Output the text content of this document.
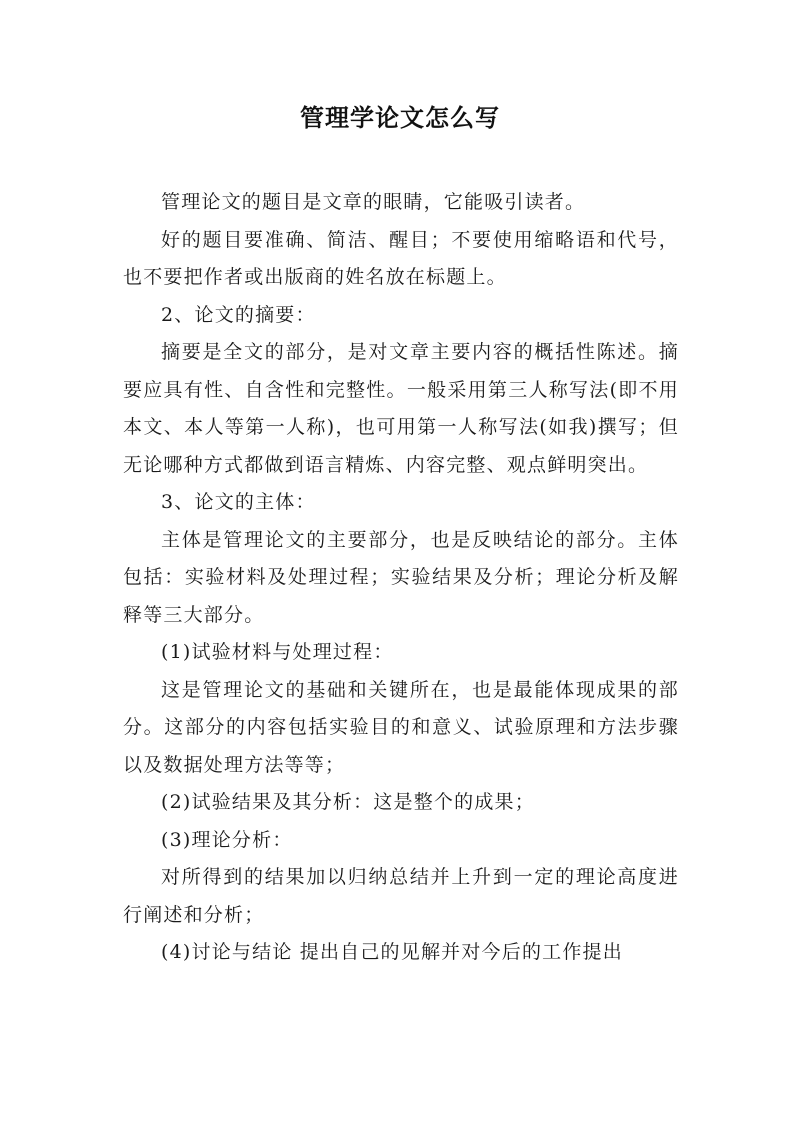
管理学论文怎么写

管理论文的题目是文章的眼睛，它能吸引读者。

好的题目要准确、简洁、醒目；不要使用缩略语和代号，也不要把作者或出版商的姓名放在标题上。

2、论文的摘要：

摘要是全文的部分，是对文章主要内容的概括性陈述。摘要应具有性、自含性和完整性。一般采用第三人称写法(即不用本文、本人等第一人称)，也可用第一人称写法(如我)撰写；但无论哪种方式都做到语言精炼、内容完整、观点鲜明突出。

3、论文的主体：

主体是管理论文的主要部分，也是反映结论的部分。主体包括：实验材料及处理过程；实验结果及分析；理论分析及解释等三大部分。

(1)试验材料与处理过程：

这是管理论文的基础和关键所在，也是最能体现成果的部分。这部分的内容包括实验目的和意义、试验原理和方法步骤以及数据处理方法等等；

(2)试验结果及其分析：这是整个的成果；

(3)理论分析：

对所得到的结果加以归纳总结并上升到一定的理论高度进行阐述和分析；

(4)讨论与结论 提出自己的见解并对今后的工作提出
